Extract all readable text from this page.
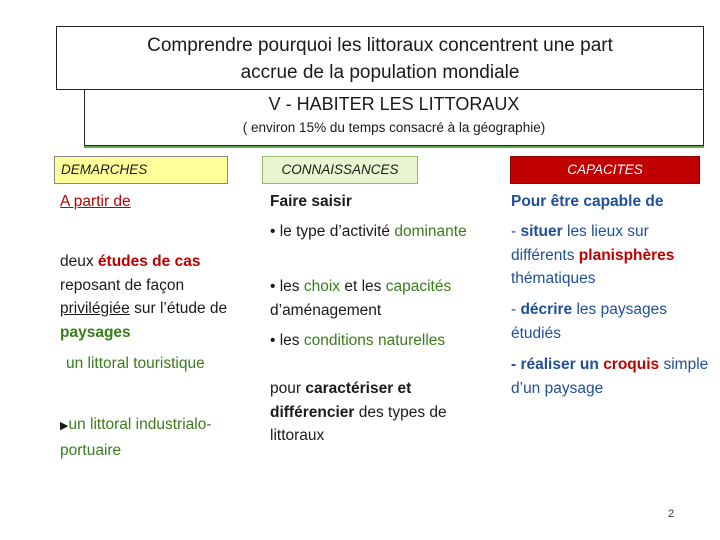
Comprendre pourquoi les littoraux concentrent une part
accrue de la population mondiale
V - HABITER LES LITTORAUX
( environ 15% du temps consacré à la géographie)
DEMARCHES	CONNAISSANCES	CAPACITES
A partir de
deux études de cas reposant de façon privilégiée sur l’étude de paysages
un littoral touristique
▶un littoral industrialo-portuaire
Faire saisir
• le type d’activité dominante
• les choix et les capacités d’aménagement
• les conditions naturelles
pour caractériser et différencier des types de littoraux
Pour être capable de
- situer les lieux sur différents planisphères thématiques
- décrire les paysages étudiés
- réaliser un croquis simple d’un paysage
2
